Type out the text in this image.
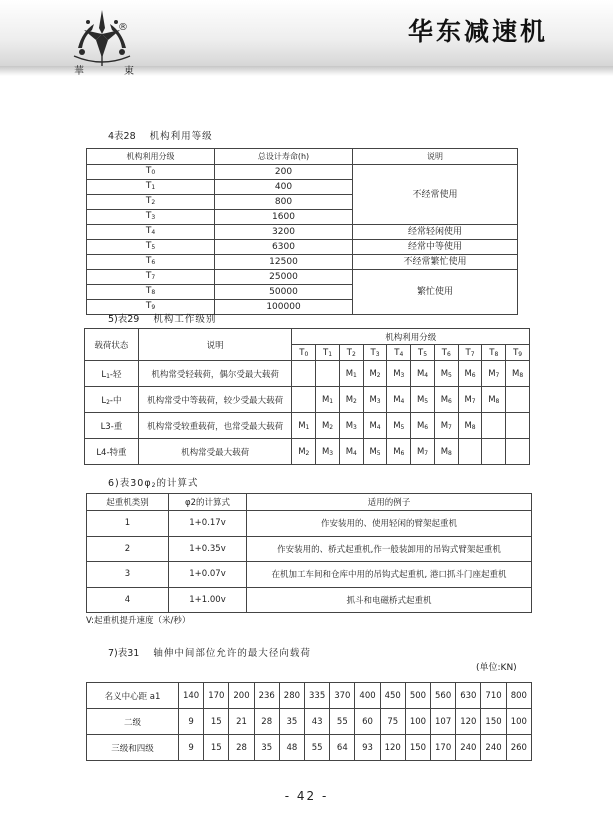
®
華	東
华东减速机
4表28 机构利用等级
机构利用分级	总设计寿命(h)	说明
$T_0$	200	不经常使用
$T_1$	400	
$T_2$	800	
$T_3$	1600	
$T_4$	3200	经常轻闲使用
$T_5$	6300	经常中等使用
$T_6$	12500	不经常繁忙使用
$T_7$	25000	繁忙使用
$T_8$	50000	
$T_9$	100000	
5)表29 机构工作级别
载荷状态	说明	机构利用分级									
		$T_0$	$T_1$	$T_2$	$T_3$	$T_4$	$T_5$	$T_6$	$T_7$	$T_8$	$T_9$
$L_1-$轻	机构常受轻载荷，偶尔受最大载荷			$M_1$	$M_2$	$M_3$	$M_4$	$M_5$	$M_6$	$M_7$	$M_8$
$L_2-$中	机构常受中等载荷，较少受最大载荷		$M_1$	$M_2$	$M_3$	$M_4$	$M_5$	$M_6$	$M_7$	$M_8$	
L3-重	机构常受较重载荷，也常受最大载荷	$M_1$	$M_2$	$M_3$	$M_4$	$M_5$	$M_6$	$M_7$	$M_8$		
L4-特重	机构常受最大载荷	$M_2$	$M_3$	$M_4$	$M_5$	$M_6$	$M_7$	$M_8$			
6)表$30\varphi_2$的计算式
起重机类别	φ2的计算式	适用的例子
1	1+0.17v	作安装用的、使用轻闲的臂架起重机
2	1+0.35v	作安装用的、桥式起重机,作一般装卸用的吊钩式臂架起重机
3	1+0.07v	在机加工车间和仓库中用的吊钩式起重机, 港口抓斗门座起重机
4	1+1.00v	抓斗和电磁桥式起重机
V:起重机提升速度（米/秒）
7)表31 轴伸中间部位允许的最大径向载荷
(单位:KN)
名义中心距 a1	140	170	200	236	280	335	370	400	450	500	560	630	710	800
二级	9	15	21	28	35	43	55	60	75	100	107	120	150	100
三级和四级	9	15	28	35	48	55	64	93	120	150	170	240	240	260
- 42 -
